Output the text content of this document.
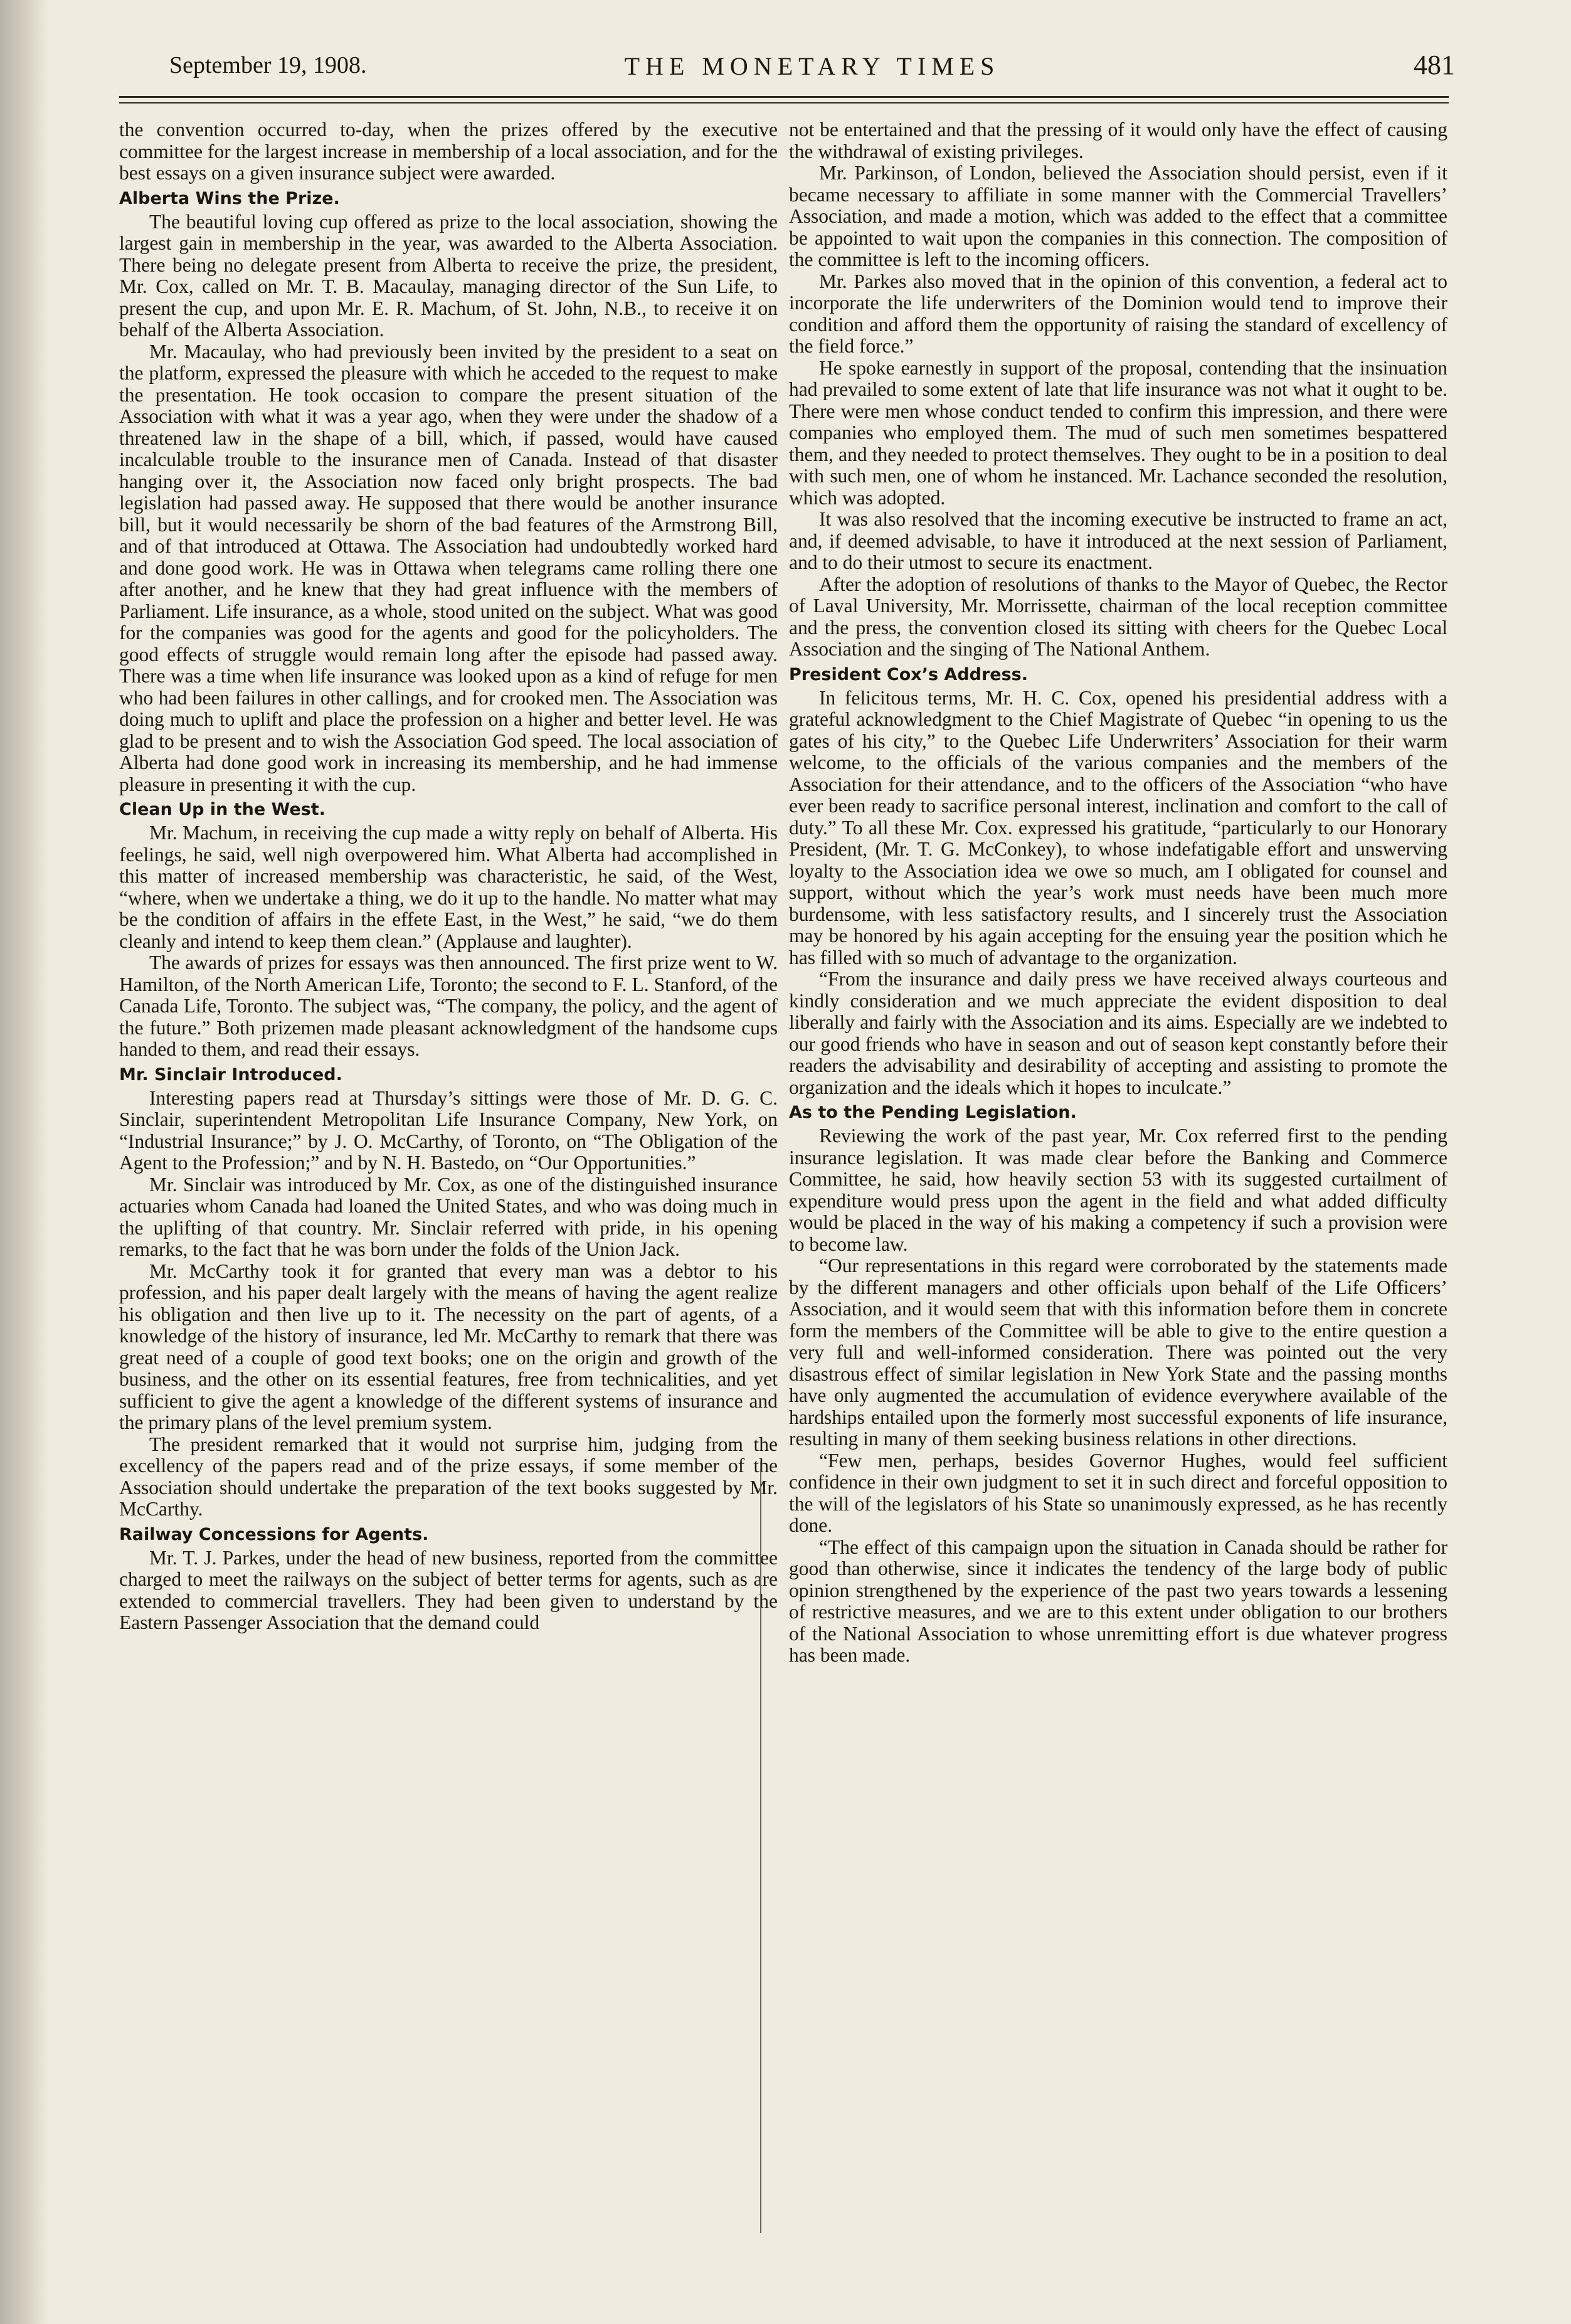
September 19, 1908.	THE MONETARY TIMES	481

the convention occurred to-day, when the prizes offered by the executive committee for the largest increase in membership of a local association, and for the best essays on a given insurance subject were awarded.

Alberta Wins the Prize.

The beautiful loving cup offered as prize to the local association, showing the largest gain in membership in the year, was awarded to the Alberta Association. There being no delegate present from Alberta to receive the prize, the president, Mr. Cox, called on Mr. T. B. Macaulay, managing director of the Sun Life, to present the cup, and upon Mr. E. R. Machum, of St. John, N.B., to receive it on behalf of the Alberta Association.

Mr. Macaulay, who had previously been invited by the president to a seat on the platform, expressed the pleasure with which he acceded to the request to make the presentation. He took occasion to compare the present situation of the Association with what it was a year ago, when they were under the shadow of a threatened law in the shape of a bill, which, if passed, would have caused incalculable trouble to the insurance men of Canada. Instead of that disaster hanging over it, the Association now faced only bright prospects. The bad legislation had passed away. He supposed that there would be another insurance bill, but it would necessarily be shorn of the bad features of the Armstrong Bill, and of that introduced at Ottawa. The Association had undoubtedly worked hard and done good work. He was in Ottawa when telegrams came rolling there one after another, and he knew that they had great influence with the members of Parliament. Life insurance, as a whole, stood united on the subject. What was good for the companies was good for the agents and good for the policyholders. The good effects of struggle would remain long after the episode had passed away. There was a time when life insurance was looked upon as a kind of refuge for men who had been failures in other callings, and for crooked men. The Association was doing much to uplift and place the profession on a higher and better level. He was glad to be present and to wish the Association God speed. The local association of Alberta had done good work in increasing its membership, and he had immense pleasure in presenting it with the cup.

Clean Up in the West.

Mr. Machum, in receiving the cup made a witty reply on behalf of Alberta. His feelings, he said, well nigh overpowered him. What Alberta had accomplished in this matter of increased membership was characteristic, he said, of the West, “where, when we undertake a thing, we do it up to the handle. No matter what may be the condition of affairs in the effete East, in the West,” he said, “we do them cleanly and intend to keep them clean.” (Applause and laughter).

The awards of prizes for essays was then announced. The first prize went to W. Hamilton, of the North American Life, Toronto; the second to F. L. Stanford, of the Canada Life, Toronto. The subject was, “The company, the policy, and the agent of the future.” Both prizemen made pleasant acknowledgment of the handsome cups handed to them, and read their essays.

Mr. Sinclair Introduced.

Interesting papers read at Thursday’s sittings were those of Mr. D. G. C. Sinclair, superintendent Metropolitan Life Insurance Company, New York, on “Industrial Insurance;” by J. O. McCarthy, of Toronto, on “The Obligation of the Agent to the Profession;” and by N. H. Bastedo, on “Our Opportunities.”

Mr. Sinclair was introduced by Mr. Cox, as one of the distinguished insurance actuaries whom Canada had loaned the United States, and who was doing much in the uplifting of that country. Mr. Sinclair referred with pride, in his opening remarks, to the fact that he was born under the folds of the Union Jack.

Mr. McCarthy took it for granted that every man was a debtor to his profession, and his paper dealt largely with the means of having the agent realize his obligation and then live up to it. The necessity on the part of agents, of a knowledge of the history of insurance, led Mr. McCarthy to remark that there was great need of a couple of good text books; one on the origin and growth of the business, and the other on its essential features, free from technicalities, and yet sufficient to give the agent a knowledge of the different systems of insurance and the primary plans of the level premium system.

The president remarked that it would not surprise him, judging from the excellency of the papers read and of the prize essays, if some member of the Association should undertake the preparation of the text books suggested by Mr. McCarthy.

Railway Concessions for Agents.

Mr. T. J. Parkes, under the head of new business, reported from the committee charged to meet the railways on the subject of better terms for agents, such as are extended to commercial travellers. They had been given to understand by the Eastern Passenger Association that the demand could

not be entertained and that the pressing of it would only have the effect of causing the withdrawal of existing privileges.

Mr. Parkinson, of London, believed the Association should persist, even if it became necessary to affiliate in some manner with the Commercial Travellers’ Association, and made a motion, which was added to the effect that a committee be appointed to wait upon the companies in this connection. The composition of the committee is left to the incoming officers.

Mr. Parkes also moved that in the opinion of this convention, a federal act to incorporate the life underwriters of the Dominion would tend to improve their condition and afford them the opportunity of raising the standard of excellency of the field force.”

He spoke earnestly in support of the proposal, contending that the insinuation had prevailed to some extent of late that life insurance was not what it ought to be. There were men whose conduct tended to confirm this impression, and there were companies who employed them. The mud of such men sometimes bespattered them, and they needed to protect themselves. They ought to be in a position to deal with such men, one of whom he instanced. Mr. Lachance seconded the resolution, which was adopted.

It was also resolved that the incoming executive be instructed to frame an act, and, if deemed advisable, to have it introduced at the next session of Parliament, and to do their utmost to secure its enactment.

After the adoption of resolutions of thanks to the Mayor of Quebec, the Rector of Laval University, Mr. Morrissette, chairman of the local reception committee and the press, the convention closed its sitting with cheers for the Quebec Local Association and the singing of The National Anthem.

President Cox’s Address.

In felicitous terms, Mr. H. C. Cox, opened his presidential address with a grateful acknowledgment to the Chief Magistrate of Quebec “in opening to us the gates of his city,” to the Quebec Life Underwriters’ Association for their warm welcome, to the officials of the various companies and the members of the Association for their attendance, and to the officers of the Association “who have ever been ready to sacrifice personal interest, inclination and comfort to the call of duty.” To all these Mr. Cox. expressed his gratitude, “particularly to our Honorary President, (Mr. T. G. McConkey), to whose indefatigable effort and unswerving loyalty to the Association idea we owe so much, am I obligated for counsel and support, without which the year’s work must needs have been much more burdensome, with less satisfactory results, and I sincerely trust the Association may be honored by his again accepting for the ensuing year the position which he has filled with so much of advantage to the organization.

“From the insurance and daily press we have received always courteous and kindly consideration and we much appreciate the evident disposition to deal liberally and fairly with the Association and its aims. Especially are we indebted to our good friends who have in season and out of season kept constantly before their readers the advisability and desirability of accepting and assisting to promote the organization and the ideals which it hopes to inculcate.”

As to the Pending Legislation.

Reviewing the work of the past year, Mr. Cox referred first to the pending insurance legislation. It was made clear before the Banking and Commerce Committee, he said, how heavily section 53 with its suggested curtailment of expenditure would press upon the agent in the field and what added difficulty would be placed in the way of his making a competency if such a provision were to become law.

“Our representations in this regard were corroborated by the statements made by the different managers and other officials upon behalf of the Life Officers’ Association, and it would seem that with this information before them in concrete form the members of the Committee will be able to give to the entire question a very full and well-informed consideration. There was pointed out the very disastrous effect of similar legislation in New York State and the passing months have only augmented the accumulation of evidence everywhere available of the hardships entailed upon the formerly most successful exponents of life insurance, resulting in many of them seeking business relations in other directions.

“Few men, perhaps, besides Governor Hughes, would feel sufficient confidence in their own judgment to set it in such direct and forceful opposition to the will of the legislators of his State so unanimously expressed, as he has recently done.

“The effect of this campaign upon the situation in Canada should be rather for good than otherwise, since it indicates the tendency of the large body of public opinion strengthened by the experience of the past two years towards a lessening of restrictive measures, and we are to this extent under obligation to our brothers of the National Association to whose unremitting effort is due whatever progress has been made.
